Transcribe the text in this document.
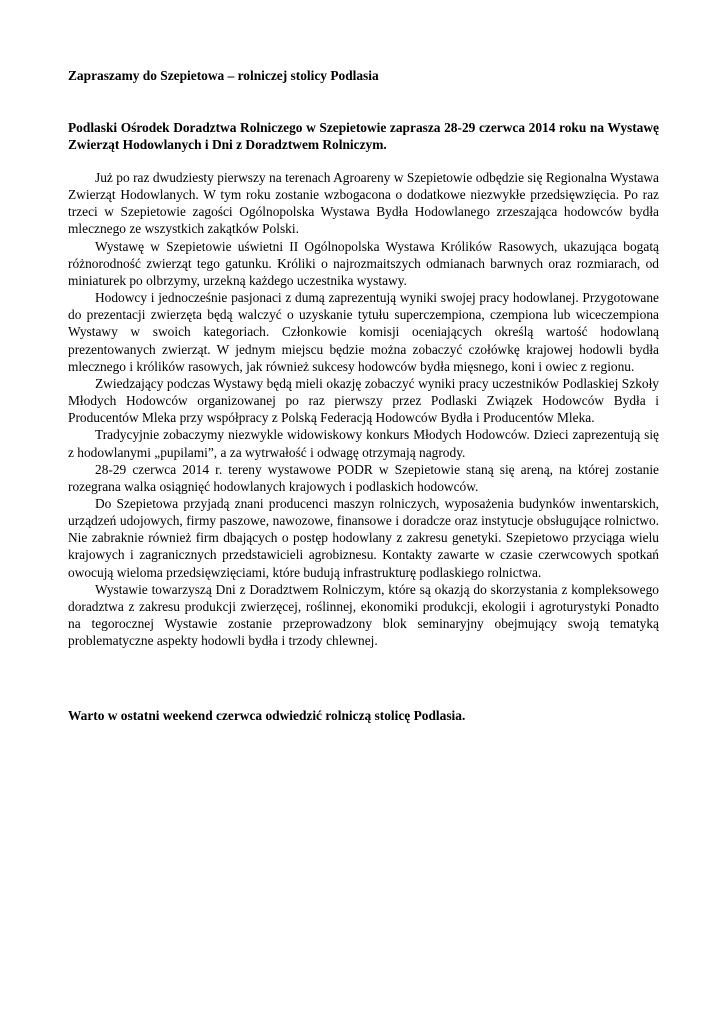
Zapraszamy do Szepietowa – rolniczej stolicy Podlasia

Podlaski Ośrodek Doradztwa Rolniczego w Szepietowie zaprasza 28-29 czerwca 2014 roku na Wystawę Zwierząt Hodowlanych i Dni z Doradztwem Rolniczym.

Już po raz dwudziesty pierwszy na terenach Agroareny w Szepietowie odbędzie się Regionalna Wystawa Zwierząt Hodowlanych. W tym roku zostanie wzbogacona o dodatkowe niezwykłe przedsięwzięcia. Po raz trzeci w Szepietowie zagości Ogólnopolska Wystawa Bydła Hodowlanego zrzeszająca hodowców bydła mlecznego ze wszystkich zakątków Polski.

Wystawę w Szepietowie uświetni II Ogólnopolska Wystawa Królików Rasowych, ukazująca bogatą różnorodność zwierząt tego gatunku. Króliki o najrozmaitszych odmianach barwnych oraz rozmiarach, od miniaturek po olbrzymy, urzekną każdego uczestnika wystawy.

Hodowcy i jednocześnie pasjonaci z dumą zaprezentują wyniki swojej pracy hodowlanej. Przygotowane do prezentacji zwierzęta będą walczyć o uzyskanie tytułu superczempiona, czempiona lub wiceczempiona Wystawy w swoich kategoriach. Członkowie komisji oceniających określą wartość hodowlaną prezentowanych zwierząt. W jednym miejscu będzie można zobaczyć czołówkę krajowej hodowli bydła mlecznego i królików rasowych, jak również sukcesy hodowców bydła mięsnego, koni i owiec z regionu.

Zwiedzający podczas Wystawy będą mieli okazję zobaczyć wyniki pracy uczestników Podlaskiej Szkoły Młodych Hodowców organizowanej po raz pierwszy przez Podlaski Związek Hodowców Bydła i Producentów Mleka przy współpracy z Polską Federacją Hodowców Bydła i Producentów Mleka.

Tradycyjnie zobaczymy niezwykle widowiskowy konkurs Młodych Hodowców. Dzieci zaprezentują się z hodowlanymi „pupilami”, a za wytrwałość i odwagę otrzymają nagrody.

28-29 czerwca 2014 r. tereny wystawowe PODR w Szepietowie staną się areną, na której zostanie rozegrana walka osiągnięć hodowlanych krajowych i podlaskich hodowców.

Do Szepietowa przyjadą znani producenci maszyn rolniczych, wyposażenia budynków inwentarskich, urządzeń udojowych, firmy paszowe, nawozowe, finansowe i doradcze oraz instytucje obsługujące rolnictwo. Nie zabraknie również firm dbających o postęp hodowlany z zakresu genetyki. Szepietowo przyciąga wielu krajowych i zagranicznych przedstawicieli agrobiznesu. Kontakty zawarte w czasie czerwcowych spotkań owocują wieloma przedsięwzięciami, które budują infrastrukturę podlaskiego rolnictwa.

Wystawie towarzyszą Dni z Doradztwem Rolniczym, które są okazją do skorzystania z kompleksowego doradztwa z zakresu produkcji zwierzęcej, roślinnej, ekonomiki produkcji, ekologii i agroturystyki Ponadto na tegorocznej Wystawie zostanie przeprowadzony blok seminaryjny obejmujący swoją tematyką problematyczne aspekty hodowli bydła i trzody chlewnej.

Warto w ostatni weekend czerwca odwiedzić rolniczą stolicę Podlasia.
